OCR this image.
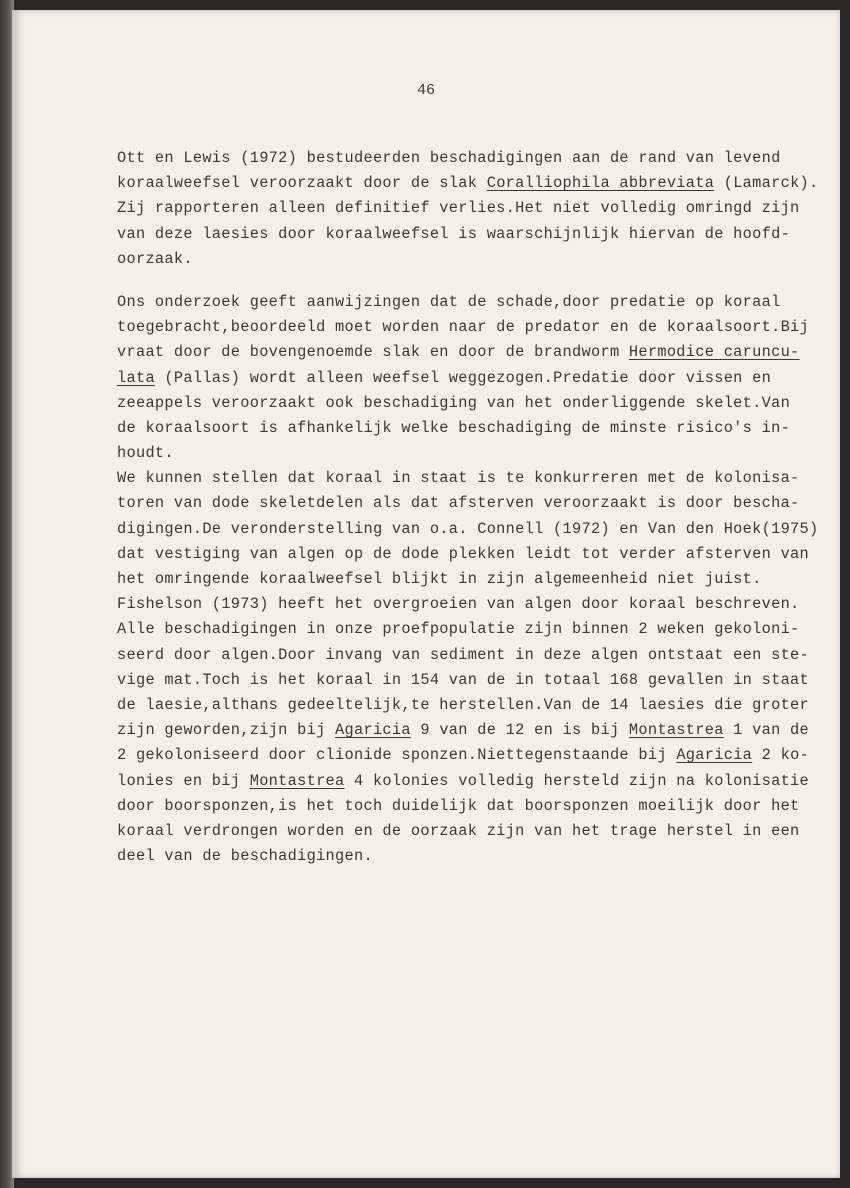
46
Ott en Lewis (1972) bestudeerden beschadigingen aan de rand van levend
koraalweefsel veroorzaakt door de slak Coralliophila abbreviata (Lamarck).
Zij rapporteren alleen definitief verlies.Het niet volledig omringd zijn
van deze laesies door koraalweefsel is waarschijnlijk hiervan de hoofd-
oorzaak.
Ons onderzoek geeft aanwijzingen dat de schade,door predatie op koraal
toegebracht,beoordeeld moet worden naar de predator en de koraalsoort.Bij
vraat door de bovengenoemde slak en door de brandworm Hermodice caruncu-
lata (Pallas) wordt alleen weefsel weggezogen.Predatie door vissen en
zeeappels veroorzaakt ook beschadiging van het onderliggende skelet.Van
de koraalsoort is afhankelijk welke beschadiging de minste risico's in-
houdt.
We kunnen stellen dat koraal in staat is te konkurreren met de kolonisa-
toren van dode skeletdelen als dat afsterven veroorzaakt is door bescha-
digingen.De veronderstelling van o.a. Connell (1972) en Van den Hoek(1975)
dat vestiging van algen op de dode plekken leidt tot verder afsterven van
het omringende koraalweefsel blijkt in zijn algemeenheid niet juist.
Fishelson (1973) heeft het overgroeien van algen door koraal beschreven.
Alle beschadigingen in onze proefpopulatie zijn binnen 2 weken gekoloni-
seerd door algen.Door invang van sediment in deze algen ontstaat een ste-
vige mat.Toch is het koraal in 154 van de in totaal 168 gevallen in staat
de laesie,althans gedeeltelijk,te herstellen.Van de 14 laesies die groter
zijn geworden,zijn bij Agaricia 9 van de 12 en is bij Montastrea 1 van de
2 gekoloniseerd door clionide sponzen.Niettegenstaande bij Agaricia 2 ko-
lonies en bij Montastrea 4 kolonies volledig hersteld zijn na kolonisatie
door boorsponzen,is het toch duidelijk dat boorsponzen moeilijk door het
koraal verdrongen worden en de oorzaak zijn van het trage herstel in een
deel van de beschadigingen.
